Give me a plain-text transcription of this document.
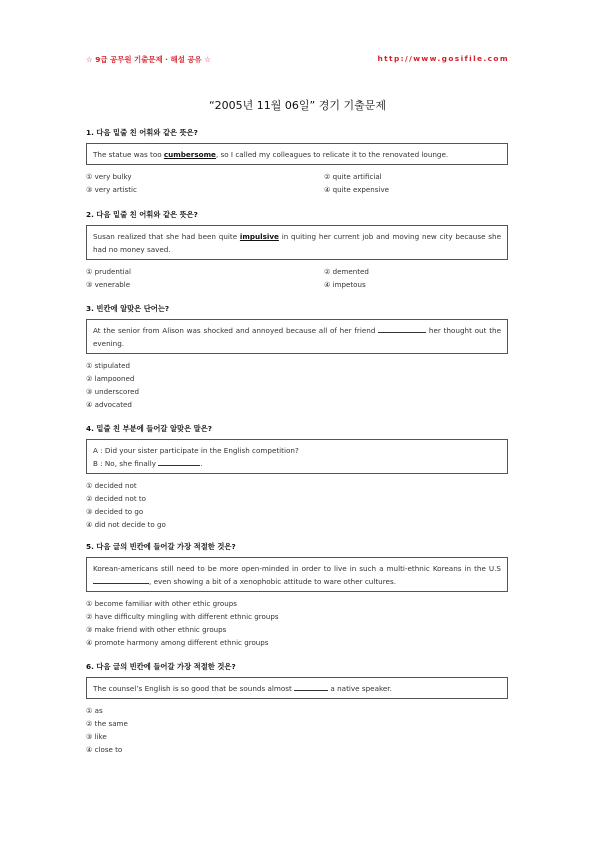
☆ 9급 공무원 기출문제 · 해설 공유 ☆	http://www.gosifile.com
“2005년 11월 06일” 경기 기출문제
1. 다음 밑줄 친 어휘와 같은 뜻은?
The statue was too cumbersome, so I called my colleagues to relicate it to the renovated lounge.
① very bulky	② quite artificial
③ very artistic	④ quite expensive
2. 다음 밑줄 친 어휘와 같은 뜻은?
Susan realized that she had been quite impulsive in quiting her current job and moving new city because she had no money saved.
① prudential	② demented
③ venerable	④ impetous
3. 빈칸에 알맞은 단어는?
At the senior from Alison was shocked and annoyed because all of her friend	her thought out the evening.
① stipulated
② lampooned
③ underscored
④ advocated
4. 밑줄 친 부분에 들어갈 알맞은 말은?
A : Did your sister participate in the English competition?
B : No, she finally	.
① decided not
② decided not to
③ decided to go
④ did not decide to go
5. 다음 글의 빈칸에 들어갈 가장 적절한 것은?
Korean-americans still need to be more open-minded in order to live in such a multi-ethnic Koreans in the U.S , even showing a bit of a xenophobic attitude to ware other cultures.
① become familiar with other ethic groups
② have difficulty mingling with different ethnic groups
③ make friend with other ethnic groups
④ promote harmony among different ethnic groups
6. 다음 글의 빈칸에 들어갈 가장 적절한 것은?
The counsel’s English is so good that be sounds almost	a native speaker.
① as
② the same
③ like
④ close to
